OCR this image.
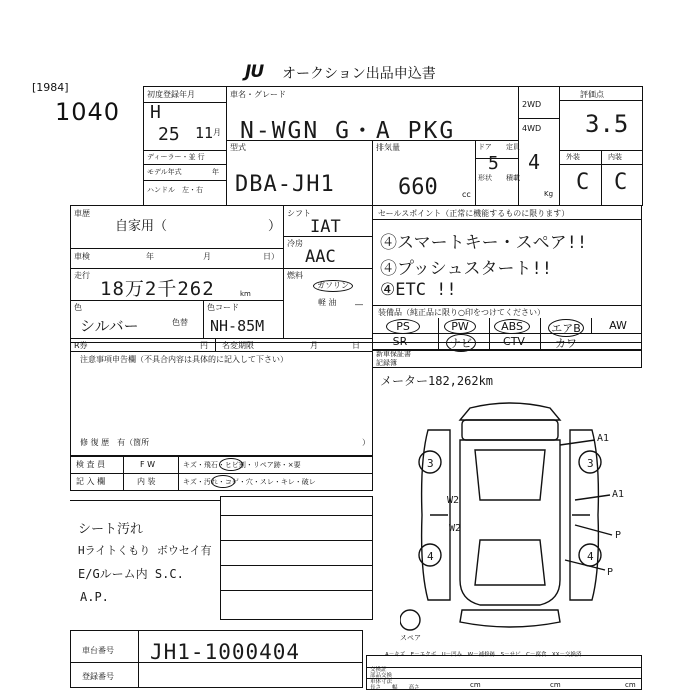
JU オークション出品申込書
[1984]
1040
初度登録年月
H
25 11 月
車名・グレード
N-WGN G・A PKG
2WD
4WD
評価点
3.5
ディーラー・並 行
モデル年式	年
ハンドル　左・右
型式
DBA-JH1
排気量
660	cc
ドア
5
形状
定員
4
積載
Kg
外装	内装
C C
車歴
自家用（	）
車検	年	月	日）
走行
18万2千262	km
色
シルバー	色替
色コード
NH-85M
シフト
IAT
冷房
AAC
燃料
ガソリン
軽 油 ―
セールスポイント（正常に機能するものに限ります）
④スマートキー・スペア!!
④プッシュスタート!!
④ETC !!
装備品（純正品に限り○印をつけてください）
PS	PW	ABS	エアB	AW
SR	ナビ	CTV	カワ
新車保証書
記録簿
メーター182,262km
R券	円 名変期限	月	日
注意事項申告欄（不具合内容は具体的に記入して下さい）
修 復 歴　有（箇所	）
検 査 員
記 入 欄
F W	キズ・飛石・ヒビ割・リペア跡・×要
内 装	キズ・汚れ・コゲ・穴・スレ・キレ・破レ
シート汚れ
Hライトくもり ボウセイ有
E/Gルーム内 S.C.
A.P.
3	3
4	4
A1
A1
W2
W2
P
P
スペア
車台番号 JH1-1000404
登録番号
A－キズ　E－エクボ　U－凹み　W－補修跡　S－サビ　C－腐食　XX－交換済
交換証
部品交換
車体寸法
長さ　　幅　　高さ	cm	cm	cm
